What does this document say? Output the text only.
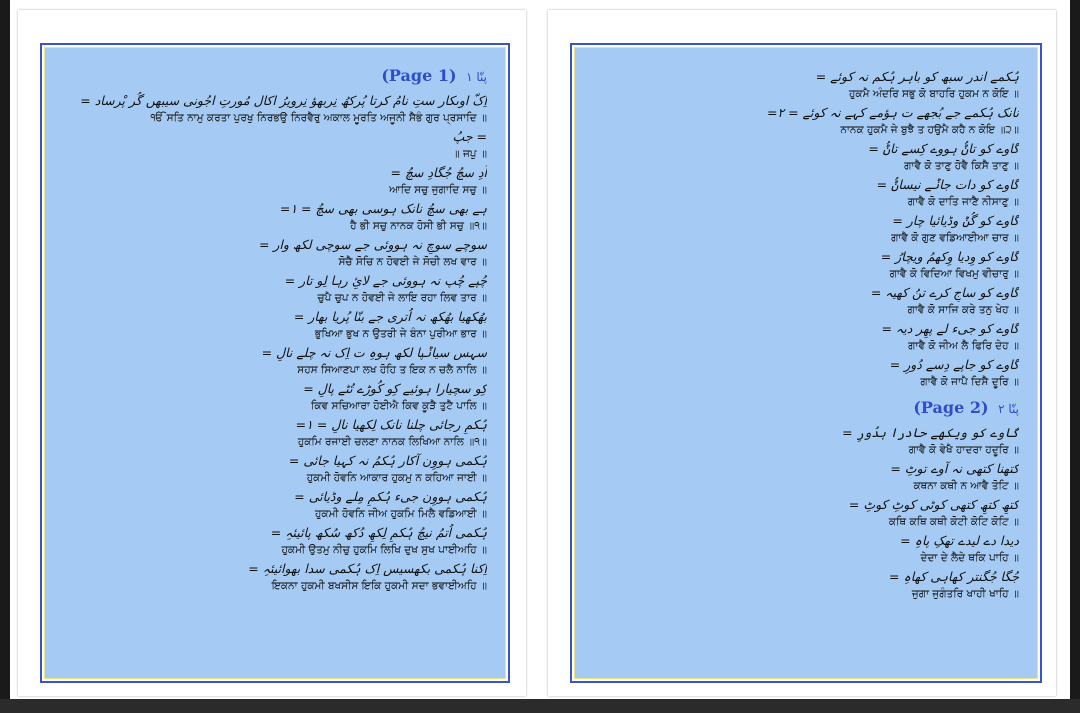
(Page 1) پنّا ۱
اِکّ اوںکار ستِ نامُ کرتا پُرکھُ نِربھؤ نِرویرُ اکال مُورتِ اجُونی سیبھں گُر پْرساد =
ੴ ਸਤਿ ਨਾਮੁ ਕਰਤਾ ਪੁਰਖੁ ਨਿਰਭਉ ਨਿਰਵੈਰੁ ਅਕਾਲ ਮੂਰਤਿ ਅਜੂਨੀ ਸੈਭੰ ਗੁਰ ਪ੍ਰਸਾਦਿ ॥
= جپُ
॥ ਜਪੁ ॥
آدِ سچُ جُگادِ سچُ =
ਆਦਿ ਸਚੁ ਜੁਗਾਦਿ ਸਚੁ ॥
ہے بھی سچُ نانک ہوسی بھی سچُ = ۱=
ਹੈ ਭੀ ਸਚੁ ਨਾਨਕ ਹੋਸੀ ਭੀ ਸਚੁ ॥੧॥
سوچے سوچِ نہ ہووئی جے سوچی لکھ وار =
ਸੋਚੈ ਸੋਚਿ ਨ ਹੋਵਈ ਜੇ ਸੋਚੀ ਲਖ ਵਾਰ ॥
چُپے چُپ نہ ہووئی جے لائِ رہا لِو تار =
ਚੁਪੈ ਚੁਪ ਨ ਹੋਵਈ ਜੇ ਲਾਇ ਰਹਾ ਲਿਵ ਤਾਰ ॥
بھُکھیا بھُکھ نہ اُتری جے بنّا پُریا بھار =
ਭੁਖਿਆ ਭੁਖ ਨ ਉਤਰੀ ਜੇ ਬੰਨਾ ਪੁਰੀਆ ਭਾਰ ॥
سہس سیاݨپا لکھ ہوہِ ت اِک نہ چلے نالِ =
ਸਹਸ ਸਿਆਣਪਾ ਲਖ ਹੋਹਿ ਤ ਇਕ ਨ ਚਲੈ ਨਾਲਿ ॥
کِو سچیارا ہوئیے کِو کُوڑے تُٹے پالِ =
ਕਿਵ ਸਚਿਆਰਾ ਹੋਈਐ ਕਿਵ ਕੂੜੈ ਤੁਟੈ ਪਾਲਿ ॥
ہُکمِ رجائی چلنا نانک لِکھیا نالِ = ۱=
ਹੁਕਮਿ ਰਜਾਈ ਚਲਣਾ ਨਾਨਕ ਲਿਖਿਆ ਨਾਲਿ ॥੧॥
ہُکمی ہووِن آکار ہُکمُ نہ کہیا جائی =
ਹੁਕਮੀ ਹੋਵਨਿ ਆਕਾਰ ਹੁਕਮੁ ਨ ਕਹਿਆ ਜਾਈ ॥
ہُکمی ہووِن جیء ہُکمِ مِلے وڈیائی =
ਹੁਕਮੀ ਹੋਵਨਿ ਜੀਅ ਹੁਕਮਿ ਮਿਲੈ ਵਡਿਆਈ ॥
ہُکمی اُتمُ نیچُ ہُکمِ لِکھِ دُکھ سُکھ پائیئہِ =
ਹੁਕਮੀ ਉਤਮੁ ਨੀਚੁ ਹੁਕਮਿ ਲਿਖਿ ਦੁਖ ਸੁਖ ਪਾਈਅਹਿ ॥
اِکنا ہُکمی بکھسیس اِک ہُکمی سدا بھوائیئہِ =
ਇਕਨਾ ਹੁਕਮੀ ਬਖਸੀਸ ਇਕਿ ਹੁਕਮੀ ਸਦਾ ਭਵਾਈਅਹਿ ॥
ہُکمے اندر سبھ کو باہر ہُکم نہ کوئے =
ਹੁਕਮੈ ਅੰਦਰਿ ਸਭੁ ਕੋ ਬਾਹਰਿ ਹੁਕਮ ਨ ਕੋਇ ॥
نانک ہُکمے جے بُجھے ت ہؤمے کہے نہ کوئے = ۲=
ਨਾਨਕ ਹੁਕਮੈ ਜੇ ਬੁਝੈ ਤ ਹਉਮੈ ਕਹੈ ਨ ਕੋਇ ॥੨॥
گاوے کو تاݨُ ہووے کِسے تاݨُ =
ਗਾਵੈ ਕੋ ਤਾਣੁ ਹੋਵੈ ਕਿਸੈ ਤਾਣੁ ॥
گاوے کو دات جاݨے نیساݨُ =
ਗਾਵੈ ਕੋ ਦਾਤਿ ਜਾਣੈ ਨੀਸਾਣੁ ॥
گاوے کو گُݨ وڈیائیا چار =
ਗਾਵੈ ਕੋ ਗੁਣ ਵਡਿਆਈਆ ਚਾਰ ॥
گاوے کو وِدیا وِکھمُ ویچارُ =
ਗਾਵੈ ਕੋ ਵਿਦਿਆ ਵਿਖਮੁ ਵੀਚਾਰੁ ॥
گاوے کو ساجِ کرے تنُ کھیہ =
ਗਾਵੈ ਕੋ ਸਾਜਿ ਕਰੇ ਤਨੁ ਖੇਹ ॥
گاوے کو جیء لے پھِر دیہ =
ਗਾਵੈ ਕੋ ਜੀਅ ਲੈ ਫਿਰਿ ਦੇਹ ॥
گاوے کو جاپے دِسے دُورِ =
ਗਾਵੈ ਕੋ ਜਾਪੈ ਦਿਸੈ ਦੂਰਿ ॥
(Page 2) پنّا ۲
گاوے کو ویکھے حادرا ہدُورِ =
ਗਾਵੈ ਕੋ ਵੇਖੈ ਹਾਦਰਾ ਹਦੂਰਿ ॥
کتھنا کتھی نہ آوے توٹِ =
ਕਥਨਾ ਕਥੀ ਨ ਆਵੈ ਤੋਟਿ ॥
کتھِ کتھِ کتھی کوٹی کوٹِ کوٹِ =
ਕਥਿ ਕਥਿ ਕਥੀ ਕੋਟੀ ਕੋਟਿ ਕੋਟਿ ॥
دیدا دے لیدے تھکِ پاہِ =
ਦੇਦਾ ਦੇ ਲੈਦੇ ਥਕਿ ਪਾਹਿ ॥
جُگا جُگنتر کھاہی کھاہِ =
ਜੁਗਾ ਜੁਗੰਤਰਿ ਖਾਹੀ ਖਾਹਿ ॥
